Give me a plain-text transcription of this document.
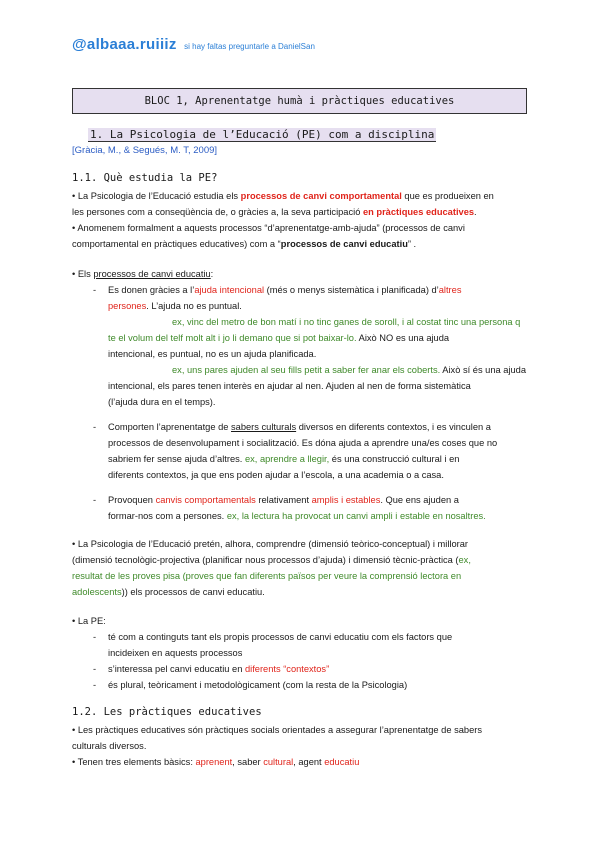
@albaaa.ruiiiz si hay faltas preguntarle a DanielSan
BLOC 1, Aprenentatge humà i pràctiques educatives
1. La Psicologia de l’Educació (PE) com a disciplina
[Gràcia, M., & Segués, M. T, 2009]
1.1. Què estudia la PE?
• La Psicologia de l’Educació estudia els processos de canvi comportamental que es produeixen en
les persones com a conseqüència de, o gràcies a, la seva participació en pràctiques educatives.
• Anomenem formalment a aquests processos “d’aprenentatge-amb-ajuda” (processos de canvi
comportamental en pràctiques educatives) com a “processos de canvi educatiu” .
• Els processos de canvi educatiu:
- Es donen gràcies a l’ajuda intencional (més o menys sistemàtica i planificada) d’altres
persones. L’ajuda no es puntual.
ex, vinc del metro de bon matí i no tinc ganes de soroll, i al costat tinc una persona q
te el volum del telf molt alt i jo li demano que si pot baixar-lo. Això NO es una ajuda
intencional, es puntual, no es un ajuda planificada.
ex, uns pares ajuden al seu fills petit a saber fer anar els coberts. Això sí és una ajuda
intencional, els pares tenen interès en ajudar al nen. Ajuden al nen de forma sistemàtica
(l’ajuda dura en el temps).
- Comporten l’aprenentatge de sabers culturals diversos en diferents contextos, i es vinculen a
processos de desenvolupament i socialització. Es dóna ajuda a aprendre una/es coses que no
sabriem fer sense ajuda d’altres. ex, aprendre a llegir, és una construcció cultural i en
diferents contextos, ja que ens poden ajudar a l’escola, a una academia o a casa.
- Provoquen canvis comportamentals relativament amplis i estables. Que ens ajuden a
formar-nos com a persones. ex, la lectura ha provocat un canvi ampli i estable en nosaltres.
• La Psicologia de l’Educació pretén, alhora, comprendre (dimensió teòrico-conceptual) i millorar
(dimensió tecnològic-projectiva (planificar nous processos d’ajuda) i dimensió tècnic-pràctica (ex,
resultat de les proves pisa (proves que fan diferents països per veure la comprensió lectora en
adolescents)) els processos de canvi educatiu.
• La PE:
- té com a continguts tant els propis processos de canvi educatiu com els factors que
incideixen en aquests processos
- s’interessa pel canvi educatiu en diferents “contextos”
- és plural, teòricament i metodològicament (com la resta de la Psicologia)
1.2. Les pràctiques educatives
• Les pràctiques educatives són pràctiques socials orientades a assegurar l’aprenentatge de sabers
culturals diversos.
• Tenen tres elements bàsics: aprenent, saber cultural, agent educatiu
